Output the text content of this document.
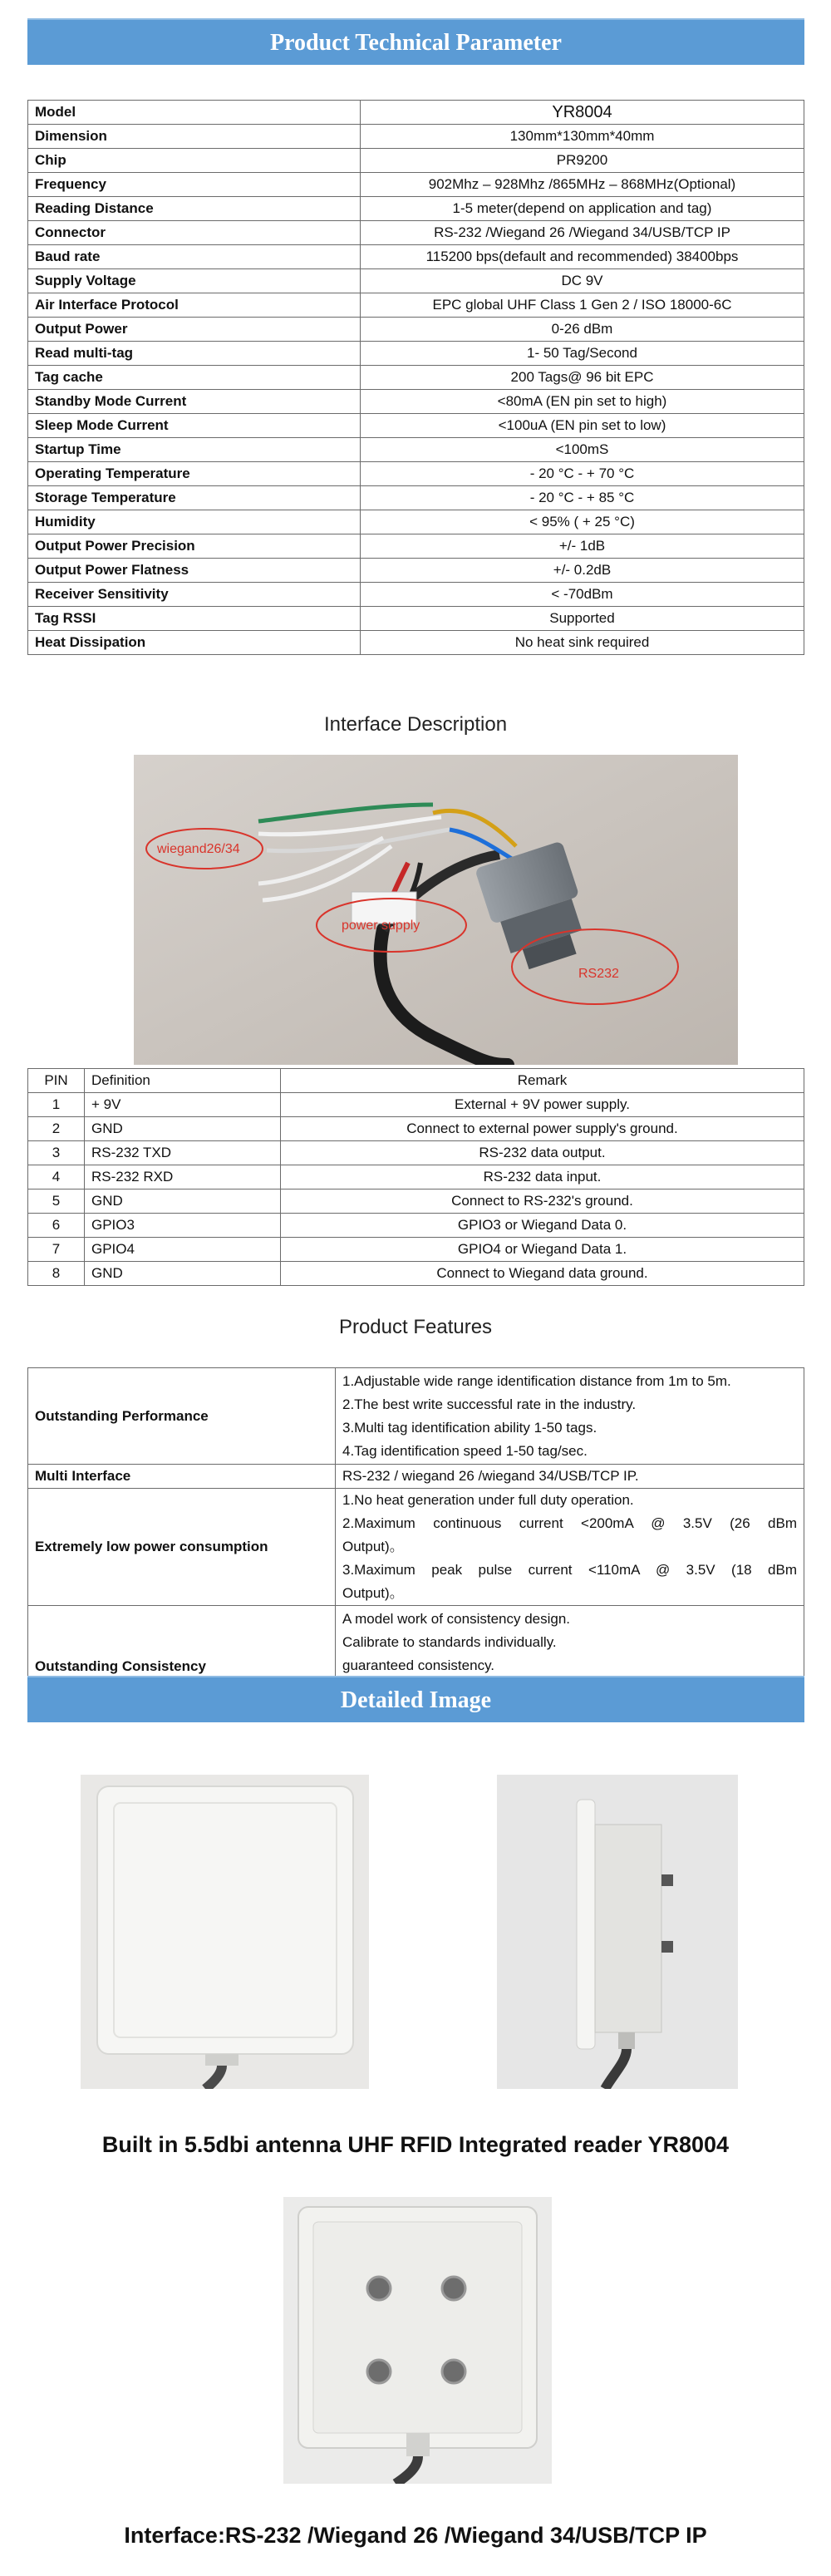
Product Technical Parameter
Model	YR8004
Dimension	130mm*130mm*40mm
Chip	PR9200
Frequency	902Mhz – 928Mhz /865MHz – 868MHz(Optional)
Reading Distance	1-5 meter(depend on application and tag)
Connector	RS-232 /Wiegand 26 /Wiegand 34/USB/TCP IP
Baud rate	115200 bps(default and recommended) 38400bps
Supply Voltage	DC 9V
Air Interface Protocol	EPC global UHF Class 1 Gen 2 / ISO 18000-6C
Output Power	0-26 dBm
Read multi-tag	1- 50 Tag/Second
Tag cache	200 Tags@ 96 bit EPC
Standby Mode Current	<80mA (EN pin set to high)
Sleep Mode Current	<100uA (EN pin set to low)
Startup Time	<100mS
Operating Temperature	- 20 °C - + 70 °C
Storage Temperature	- 20 °C - + 85 °C
Humidity	< 95% ( + 25 °C)
Output Power Precision	+/- 1dB
Output Power Flatness	+/- 0.2dB
Receiver Sensitivity	< -70dBm
Tag RSSI	Supported
Heat Dissipation	No heat sink required
Interface Description
wiegand26/34
power supply
RS232
PIN	Definition	Remark
1	+ 9V	External + 9V power supply.
2	GND	Connect to external power supply's ground.
3	RS-232 TXD	RS-232 data output.
4	RS-232 RXD	RS-232 data input.
5	GND	Connect to RS-232's ground.
6	GPIO3	GPIO3 or Wiegand Data 0.
7	GPIO4	GPIO4 or Wiegand Data 1.
8	GND	Connect to Wiegand data ground.
Product Features
Outstanding Performance	1.Adjustable wide range identification distance from 1m to 5m.
2.The best write successful rate in the industry.
3.Multi tag identification ability 1-50 tags.
4.Tag identification speed 1-50 tag/sec.

Multi Interface	RS-232 / wiegand 26 /wiegand 34/USB/TCP IP.

Extremely low power consumption	1.No heat generation under full duty operation.
2.Maximum continuous current <200mA @ 3.5V (26 dBm
Output)。
3.Maximum peak pulse current <110mA @ 3.5V (18 dBm
Output)。

Outstanding Consistency	A model work of consistency design.
Calibrate to standards individually.
guaranteed consistency.
Detailed Image
Built in 5.5dbi antenna UHF RFID Integrated reader YR8004
Interface:RS-232 /Wiegand 26 /Wiegand 34/USB/TCP IP
